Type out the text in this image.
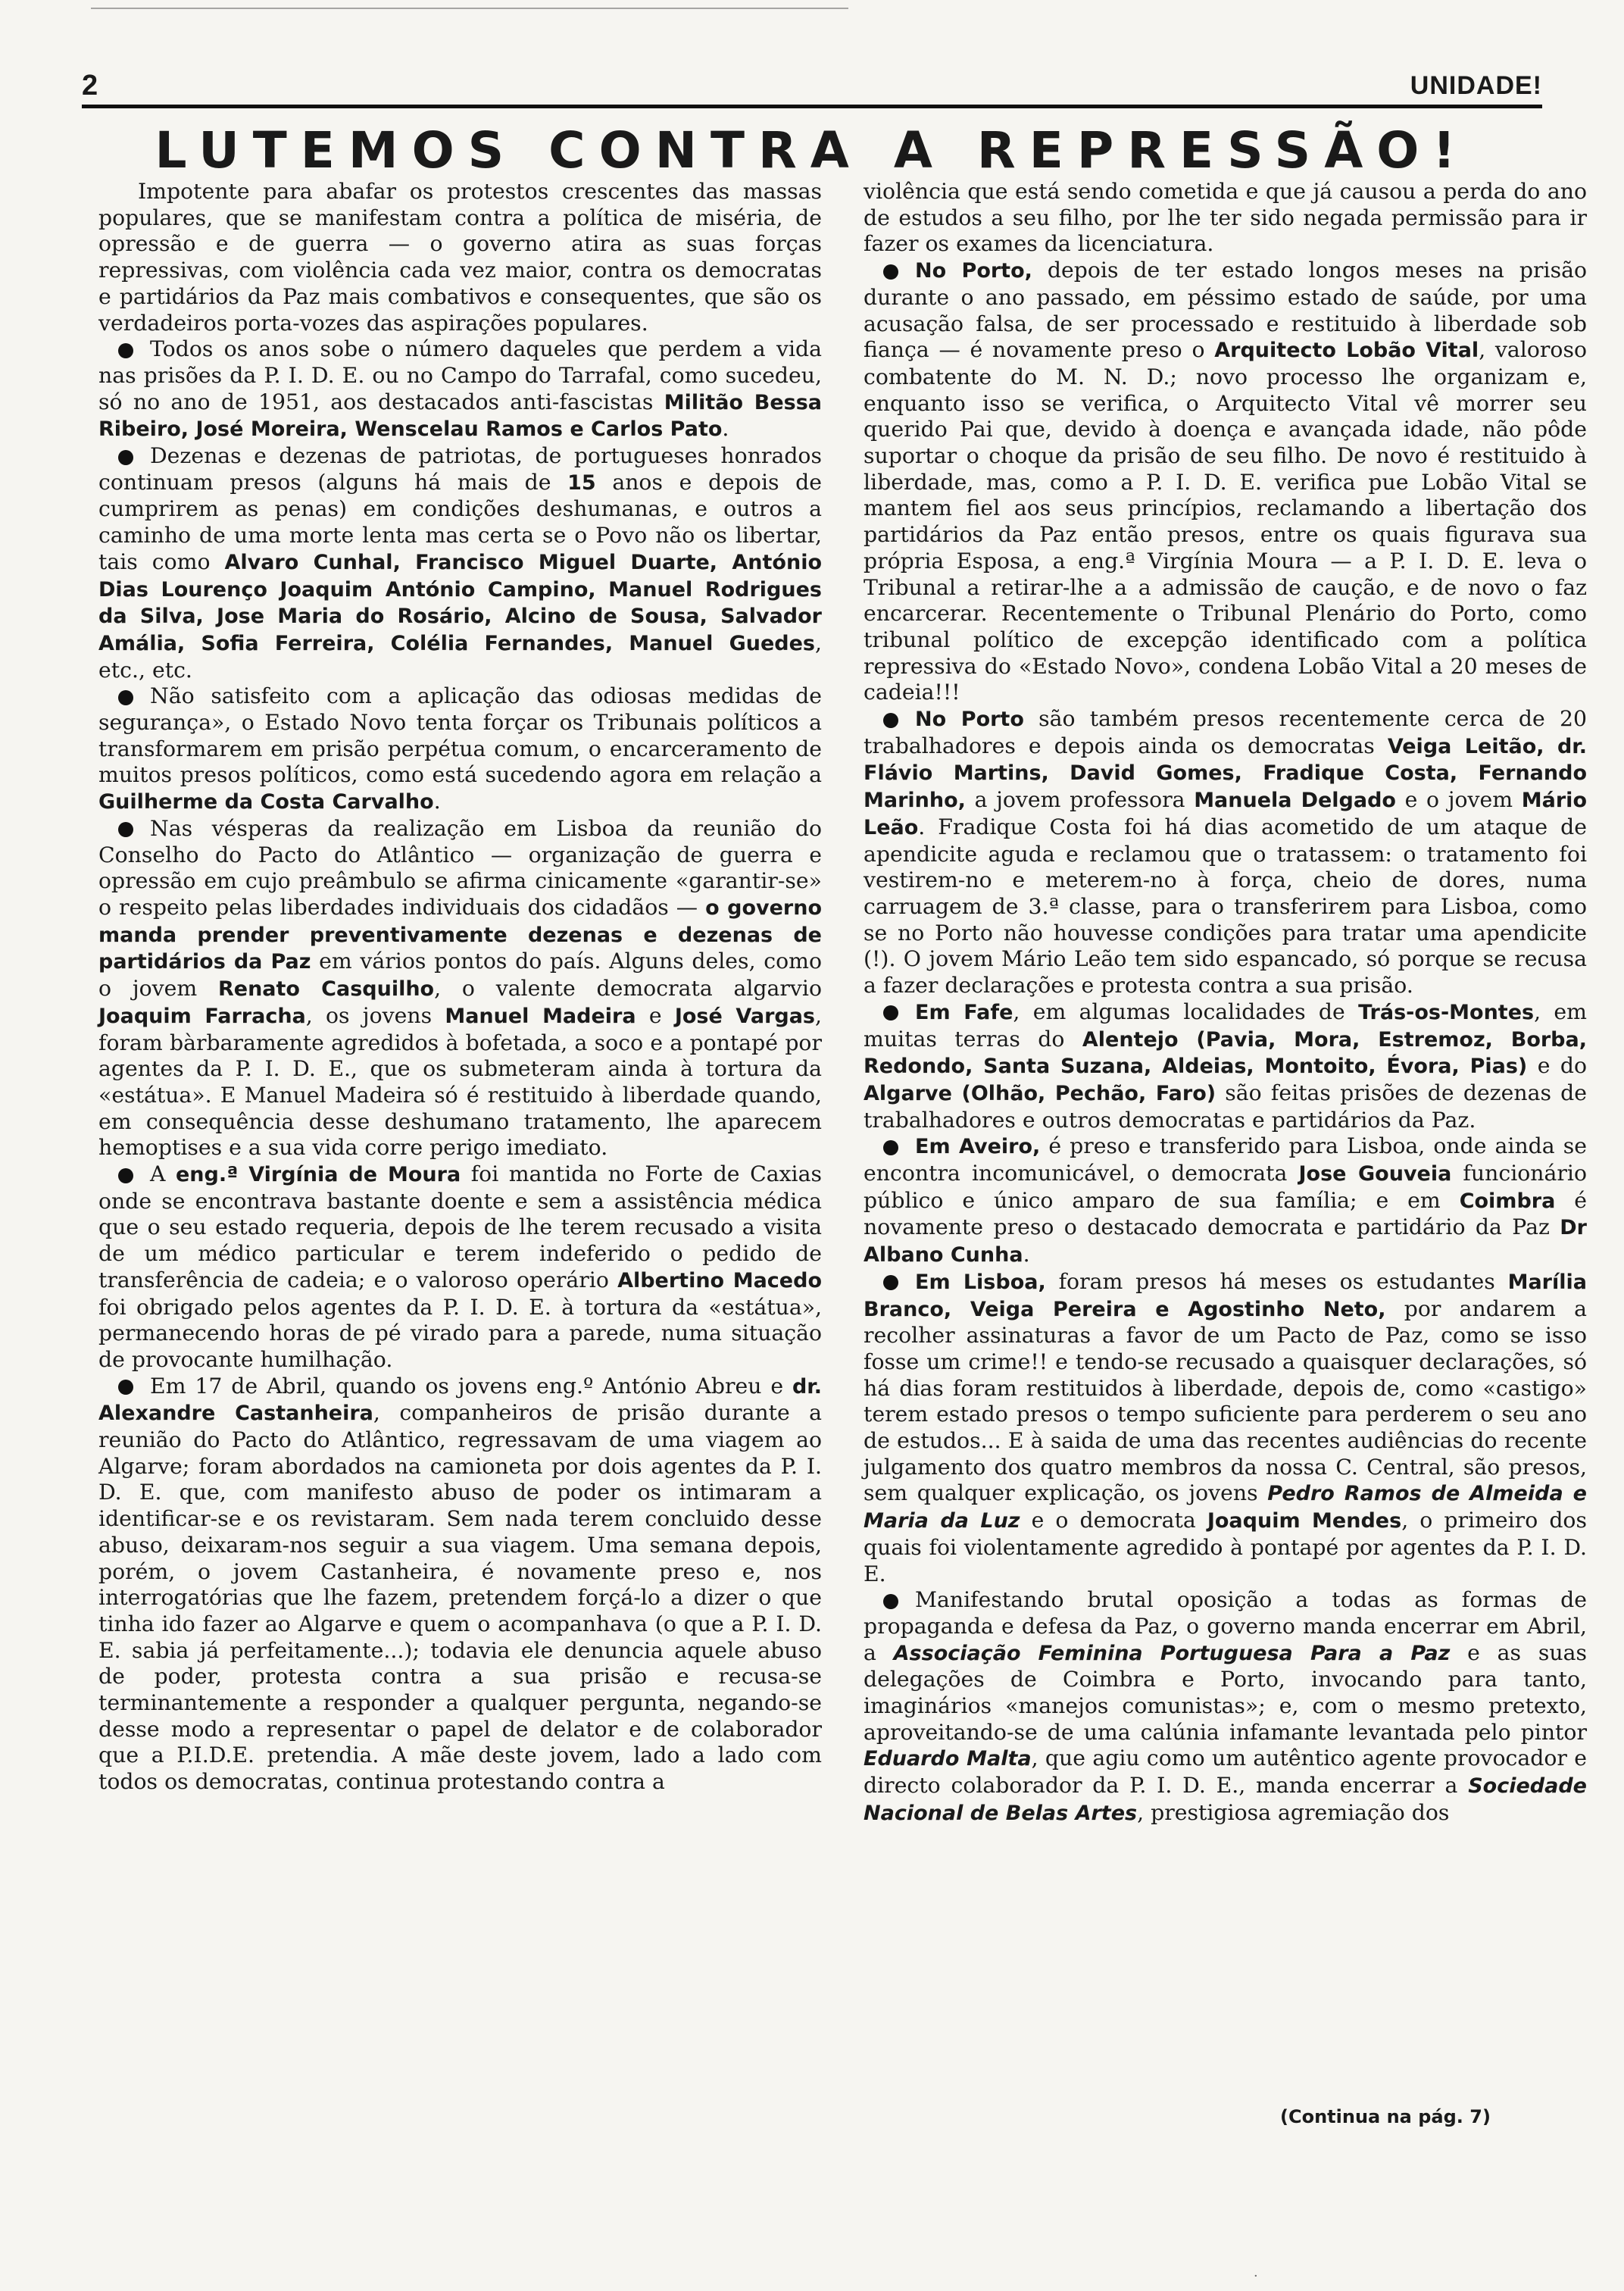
2	UNIDADE!
LUTEMOS CONTRA A REPRESSÃO!

Impotente para abafar os protestos crescentes das massas populares, que se manifestam contra a política de miséria, de opressão e de guerra — o governo atira as suas forças repressivas, com violência cada vez maior, contra os democratas e partidários da Paz mais combativos e consequentes, que são os verdadeiros porta-vozes das aspirações populares.

Todos os anos sobe o número daqueles que perdem a vida nas prisões da P. I. D. E. ou no Campo do Tarrafal, como sucedeu, só no ano de 1951, aos destacados anti-fascistas Militão Bessa Ribeiro, José Moreira, Wenscelau Ramos e Carlos Pato.

Dezenas e dezenas de patriotas, de portugueses honrados continuam presos (alguns há mais de 15 anos e depois de cumprirem as penas) em condições deshumanas, e outros a caminho de uma morte lenta mas certa se o Povo não os libertar, tais como Alvaro Cunhal, Francisco Miguel Duarte, António Dias Lourenço Joaquim António Campino, Manuel Rodrigues da Silva, Jose Maria do Rosário, Alcino de Sousa, Salvador Amália, Sofia Ferreira, Colélia Fernandes, Manuel Guedes, etc., etc.

Não satisfeito com a aplicação das odiosas medidas de segurança», o Estado Novo tenta forçar os Tribunais políticos a transformarem em prisão perpétua comum, o encarceramento de muitos presos políticos, como está sucedendo agora em relação a Guilherme da Costa Carvalho.

Nas vésperas da realização em Lisboa da reunião do Conselho do Pacto do Atlântico — organização de guerra e opressão em cujo preâmbulo se afirma cinicamente «garantir-se» o respeito pelas liberdades individuais dos cidadãos — o governo manda prender preventivamente dezenas e dezenas de partidários da Paz em vários pontos do país. Alguns deles, como o jovem Renato Casquilho, o valente democrata algarvio Joaquim Farracha, os jovens Manuel Madeira e José Vargas, foram bàrbaramente agredidos à bofetada, a soco e a pontapé por agentes da P. I. D. E., que os submeteram ainda à tortura da «estátua». E Manuel Madeira só é restituido à liberdade quando, em consequência desse deshumano tratamento, lhe aparecem hemoptises e a sua vida corre perigo imediato.

A eng.ª Virgínia de Moura foi mantida no Forte de Caxias onde se encontrava bastante doente e sem a assistência médica que o seu estado requeria, depois de lhe terem recusado a visita de um médico particular e terem indeferido o pedido de transferência de cadeia; e o valoroso operário Albertino Macedo foi obrigado pelos agentes da P. I. D. E. à tortura da «estátua», permanecendo horas de pé virado para a parede, numa situação de provocante humilhação.

Em 17 de Abril, quando os jovens eng.º António Abreu e dr. Alexandre Castanheira, companheiros de prisão durante a reunião do Pacto do Atlântico, regressavam de uma viagem ao Algarve; foram abordados na camioneta por dois agentes da P. I. D. E. que, com manifesto abuso de poder os intimaram a identificar-se e os revistaram. Sem nada terem concluido desse abuso, deixaram-nos seguir a sua viagem. Uma semana depois, porém, o jovem Castanheira, é novamente preso e, nos interrogatórias que lhe fazem, pretendem forçá-lo a dizer o que tinha ido fazer ao Algarve e quem o acompanhava (o que a P. I. D. E. sabia já perfeitamente...); todavia ele denuncia aquele abuso de poder, protesta contra a sua prisão e recusa-se terminantemente a responder a qualquer pergunta, negando-se desse modo a representar o papel de delator e de colaborador que a P.I.D.E. pretendia. A mãe deste jovem, lado a lado com todos os democratas, continua protestando contra a

violência que está sendo cometida e que já causou a perda do ano de estudos a seu filho, por lhe ter sido negada permissão para ir fazer os exames da licenciatura.

No Porto, depois de ter estado longos meses na prisão durante o ano passado, em péssimo estado de saúde, por uma acusação falsa, de ser processado e restituido à liberdade sob fiança — é novamente preso o Arquitecto Lobão Vital, valoroso combatente do M. N. D.; novo processo lhe organizam e, enquanto isso se verifica, o Arquitecto Vital vê morrer seu querido Pai que, devido à doença e avançada idade, não pôde suportar o choque da prisão de seu filho. De novo é restituido à liberdade, mas, como a P. I. D. E. verifica pue Lobão Vital se mantem fiel aos seus princípios, reclamando a libertação dos partidários da Paz então presos, entre os quais figurava sua própria Esposa, a eng.ª Virgínia Moura — a P. I. D. E. leva o Tribunal a retirar-lhe a a admissão de caução, e de novo o faz encarcerar. Recentemente o Tribunal Plenário do Porto, como tribunal político de excepção identificado com a política repressiva do «Estado Novo», condena Lobão Vital a 20 meses de cadeia!!!

No Porto são também presos recentemente cerca de 20 trabalhadores e depois ainda os democratas Veiga Leitão, dr. Flávio Martins, David Gomes, Fradique Costa, Fernando Marinho, a jovem professora Manuela Delgado e o jovem Mário Leão. Fradique Costa foi há dias acometido de um ataque de apendicite aguda e reclamou que o tratassem: o tratamento foi vestirem-no e meterem-no à força, cheio de dores, numa carruagem de 3.ª classe, para o transferirem para Lisboa, como se no Porto não houvesse condições para tratar uma apendicite (!). O jovem Mário Leão tem sido espancado, só porque se recusa a fazer declarações e protesta contra a sua prisão.

Em Fafe, em algumas localidades de Trás-os-Montes, em muitas terras do Alentejo (Pavia, Mora, Estremoz, Borba, Redondo, Santa Suzana, Aldeias, Montoito, Évora, Pias) e do Algarve (Olhão, Pechão, Faro) são feitas prisões de dezenas de trabalhadores e outros democratas e partidários da Paz.

Em Aveiro, é preso e transferido para Lisboa, onde ainda se encontra incomunicável, o democrata Jose Gouveia funcionário público e único amparo de sua família; e em Coimbra é novamente preso o destacado democrata e partidário da Paz Dr Albano Cunha.

Em Lisboa, foram presos há meses os estudantes Marília Branco, Veiga Pereira e Agostinho Neto, por andarem a recolher assinaturas a favor de um Pacto de Paz, como se isso fosse um crime!! e tendo-se recusado a quaisquer declarações, só há dias foram restituidos à liberdade, depois de, como «castigo» terem estado presos o tempo suficiente para perderem o seu ano de estudos... E à saida de uma das recentes audiências do recente julgamento dos quatro membros da nossa C. Central, são presos, sem qualquer explicação, os jovens Pedro Ramos de Almeida e Maria da Luz e o democrata Joaquim Mendes, o primeiro dos quais foi violentamente agredido à pontapé por agentes da P. I. D. E.

Manifestando brutal oposição a todas as formas de propaganda e defesa da Paz, o governo manda encerrar em Abril, a Associação Feminina Portuguesa Para a Paz e as suas delegações de Coimbra e Porto, invocando para tanto, imaginários «manejos comunistas»; e, com o mesmo pretexto, aproveitando-se de uma calúnia infamante levantada pelo pintor Eduardo Malta, que agiu como um autêntico agente provocador e directo colaborador da P. I. D. E., manda encerrar a Sociedade Nacional de Belas Artes, prestigiosa agremiação dos

(Continua na pág. 7)
·
